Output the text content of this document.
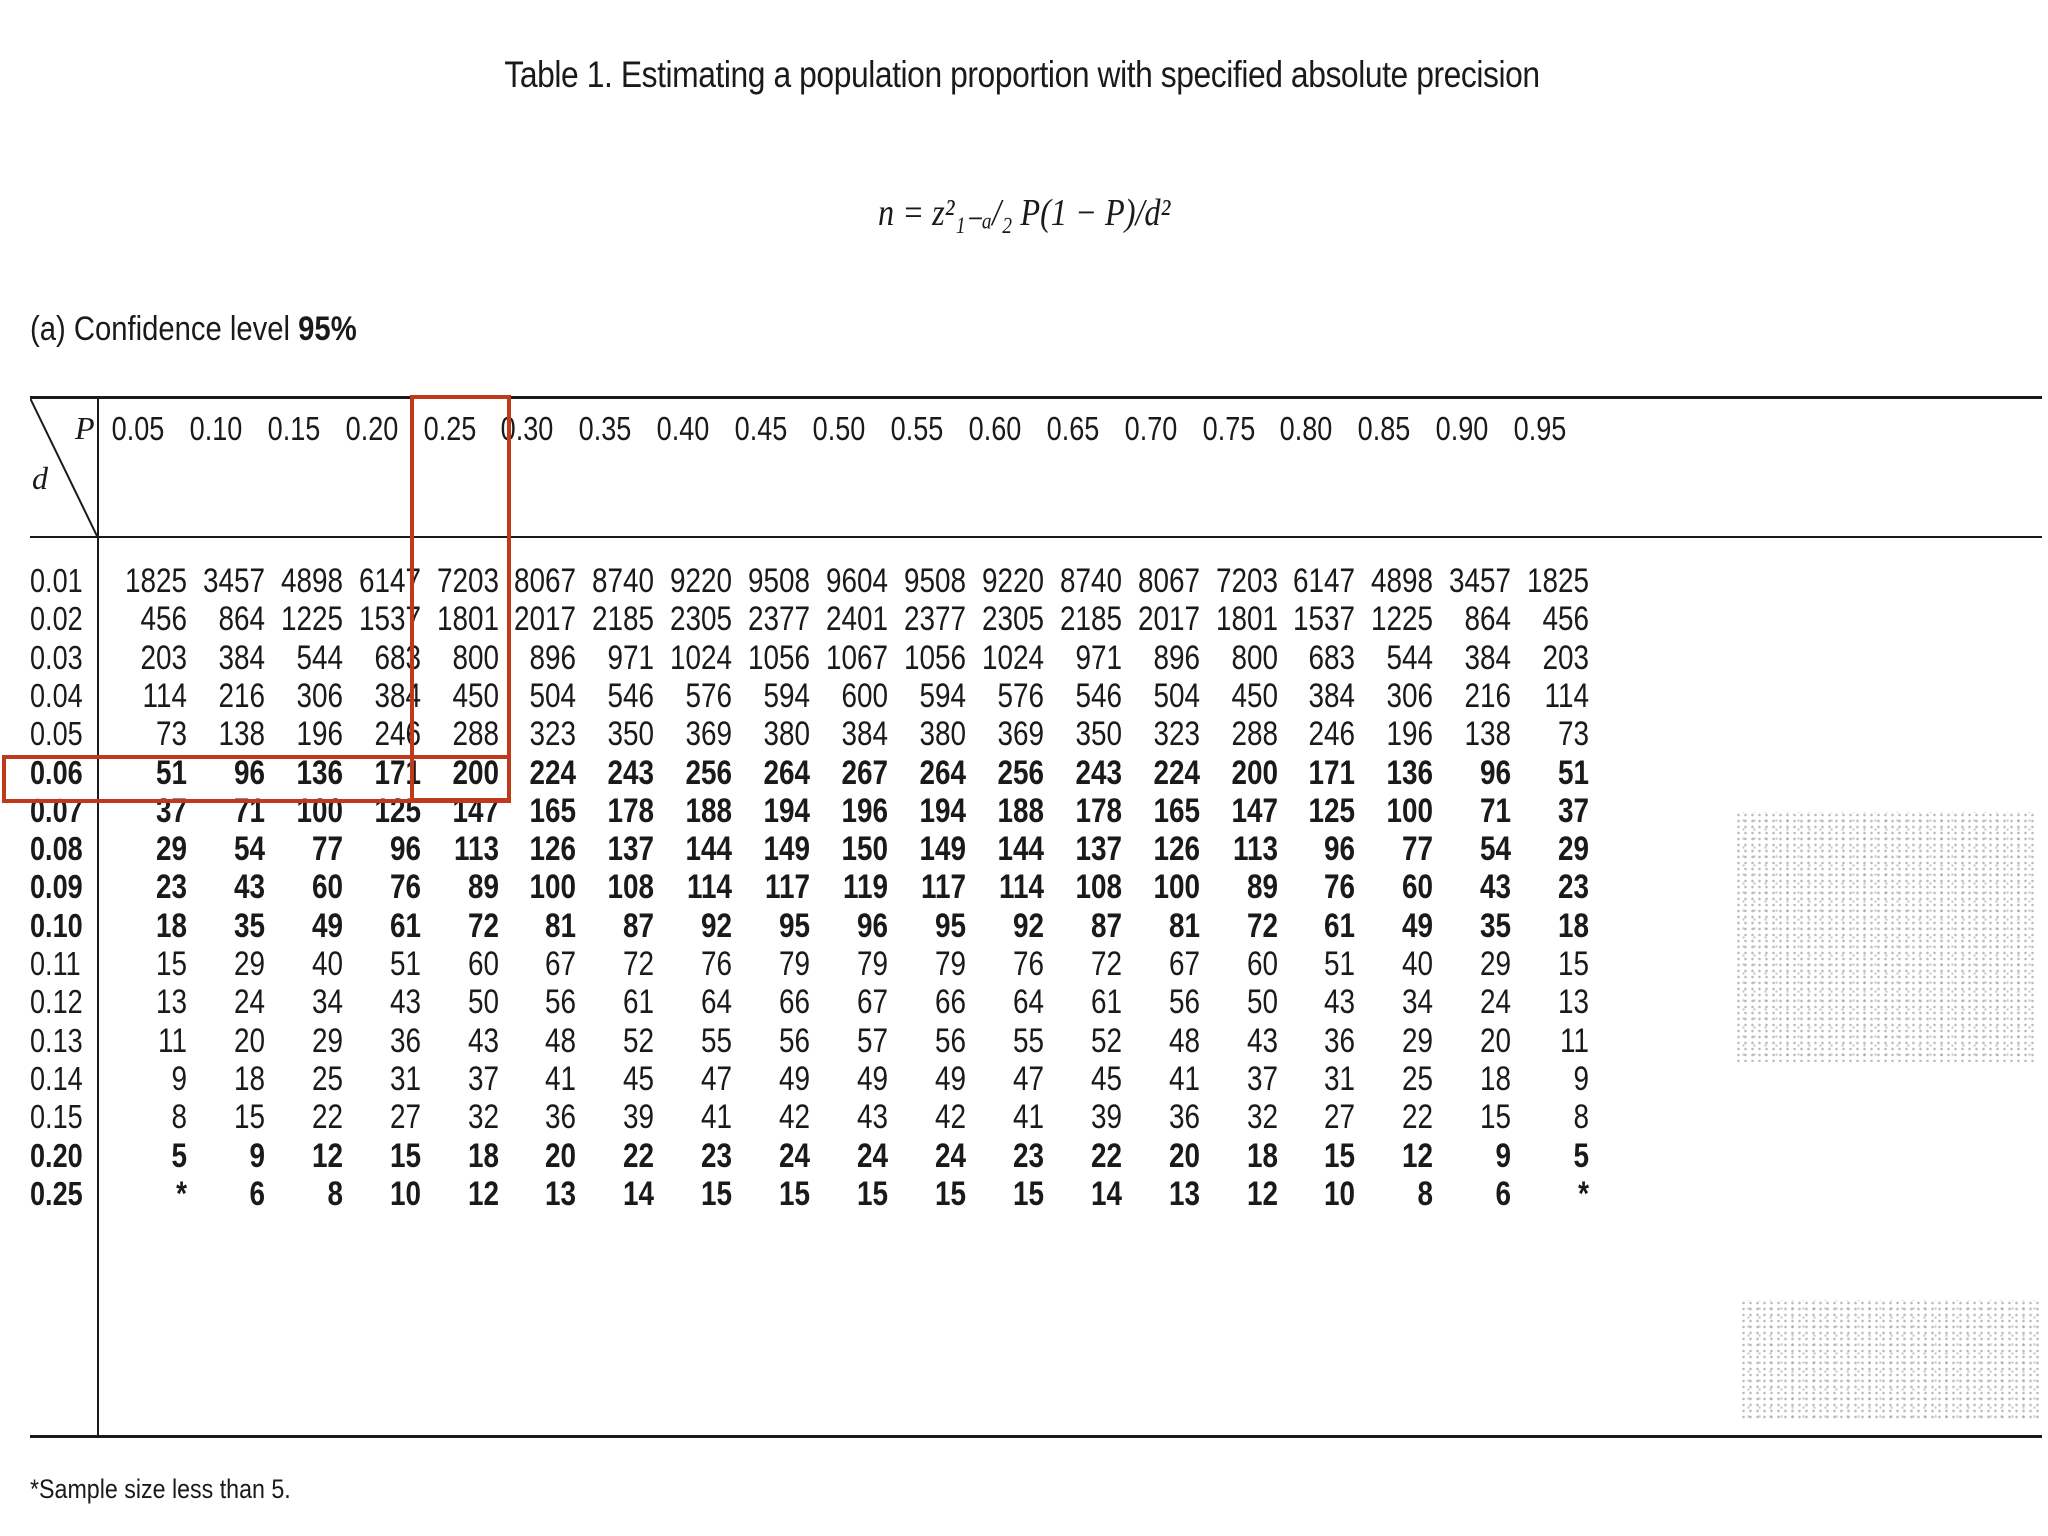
Table 1. Estimating a population proportion with specified absolute precision
n = z²₁₋ₐ/₂ P(1 − P)/d²
(a) Confidence level 95%
P
d
0.05 0.10 0.15 0.20 0.25 0.30 0.35 0.40 0.45 0.50 0.55 0.60 0.65 0.70 0.75 0.80 0.85 0.90 0.95
0.01	1825 3457 4898 6147 7203 8067 8740 9220 9508 9604 9508 9220 8740 8067 7203 6147 4898 3457 1825
0.02	456 864 1225 1537 1801 2017 2185 2305 2377 2401 2377 2305 2185 2017 1801 1537 1225 864 456
0.03	203 384 544 683 800 896 971 1024 1056 1067 1056 1024 971 896 800 683 544 384 203
0.04	114 216 306 384 450 504 546 576 594 600 594 576 546 504 450 384 306 216 114
0.05	73 138 196 246 288 323 350 369 380 384 380 369 350 323 288 246 196 138	73
0.06	51	96 136 171 200 224 243 256 264 267 264 256 243 224 200 171 136	96	51
0.07	37	71 100 125 147 165 178 188 194 196 194 188 178 165 147 125 100	71	37
0.08	29	54	77	96 113 126 137 144 149 150 149 144 137 126 113	96	77	54	29
0.09	23	43	60	76	89 100 108 114 117 119 117 114 108 100	89	76	60	43	23
0.10	18	35	49	61	72	81	87	92	95	96	95	92	87	81	72	61	49	35	18
0.11	15	29	40	51	60	67	72	76	79	79	79	76	72	67	60	51	40	29	15
0.12	13	24	34	43	50	56	61	64	66	67	66	64	61	56	50	43	34	24	13
0.13	11	20	29	36	43	48	52	55	56	57	56	55	52	48	43	36	29	20	11
0.14	9	18	25	31	37	41	45	47	49	49	49	47	45	41	37	31	25	18	9
0.15	8	15	22	27	32	36	39	41	42	43	42	41	39	36	32	27	22	15	8
0.20	5	9	12	15	18	20	22	23	24	24	24	23	22	20	18	15	12	9	5
0.25	*	6	8	10	12	13	14	15	15	15	15	15	14	13	12	10	8	6	*
*Sample size less than 5.
